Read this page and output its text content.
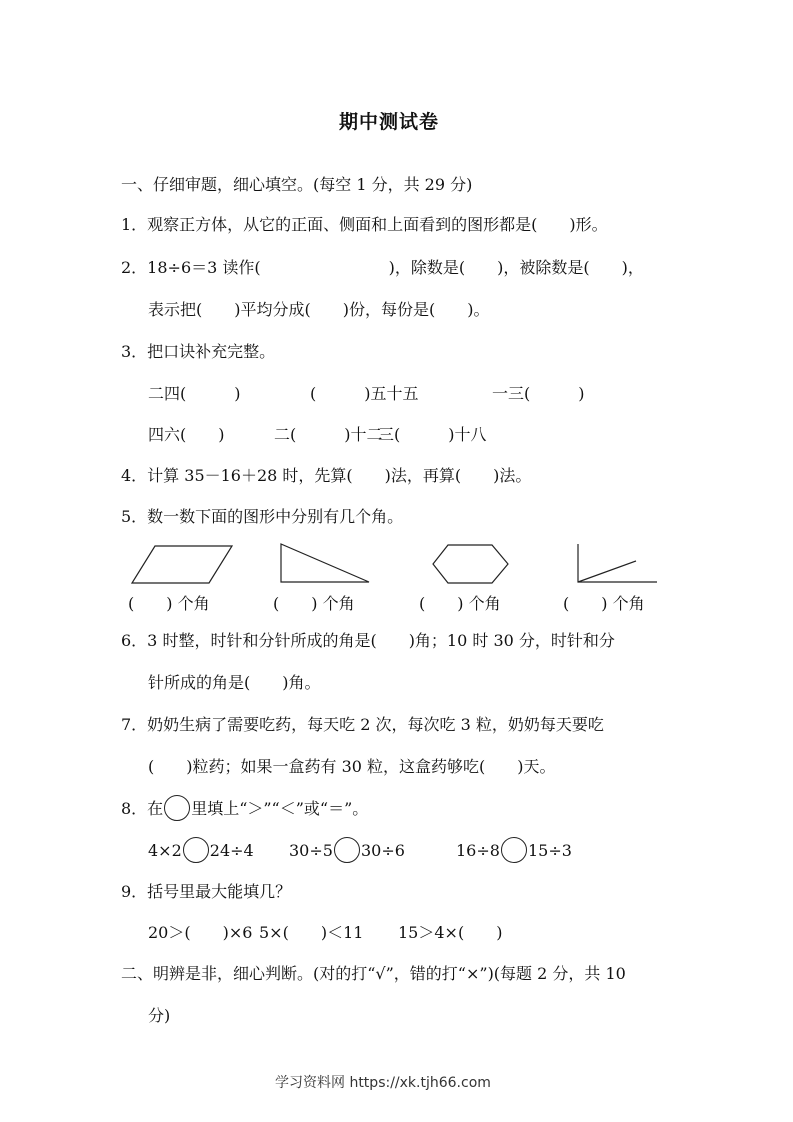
期中测试卷
一、仔细审题，细心填空。(每空 1 分，共 29 分)
1．观察正方体，从它的正面、侧面和上面看到的图形都是(　　)形。
2．18÷6＝3 读作(　　　　　　　　)，除数是(　　)，被除数是(　　)，
表示把(　　)平均分成(　　)份，每份是(　　)。
3．把口诀补充完整。
二四(　　　)	(　　　)五十五	一三(　　　)
四六(　　)	二(　　　)十二
三(　　　)十八
4．计算 35－16＋28 时，先算(　　)法，再算(　　)法。
5．数一数下面的图形中分别有几个角。
(　　) 个角	(　　) 个角	(　　) 个角	(　　) 个角
6．3 时整，时针和分针所成的角是(　　)角；10 时 30 分，时针和分
针所成的角是(　　)角。
7．奶奶生病了需要吃药，每天吃 2 次，每次吃 3 粒，奶奶每天要吃
(　　)粒药；如果一盒药有 30 粒，这盒药够吃(　　)天。
8．在 里填上“＞”“＜”或“＝”。
4×2 24÷4 30÷5 30÷6	16÷8 15÷3
9．括号里最大能填几？
20＞(　　)×6 5×(　　)＜11 15＞4×(　　)
二、明辨是非，细心判断。(对的打“√”，错的打“×”)(每题 2 分，共 10
分)
学习资料网 https://xk.tjh66.com
